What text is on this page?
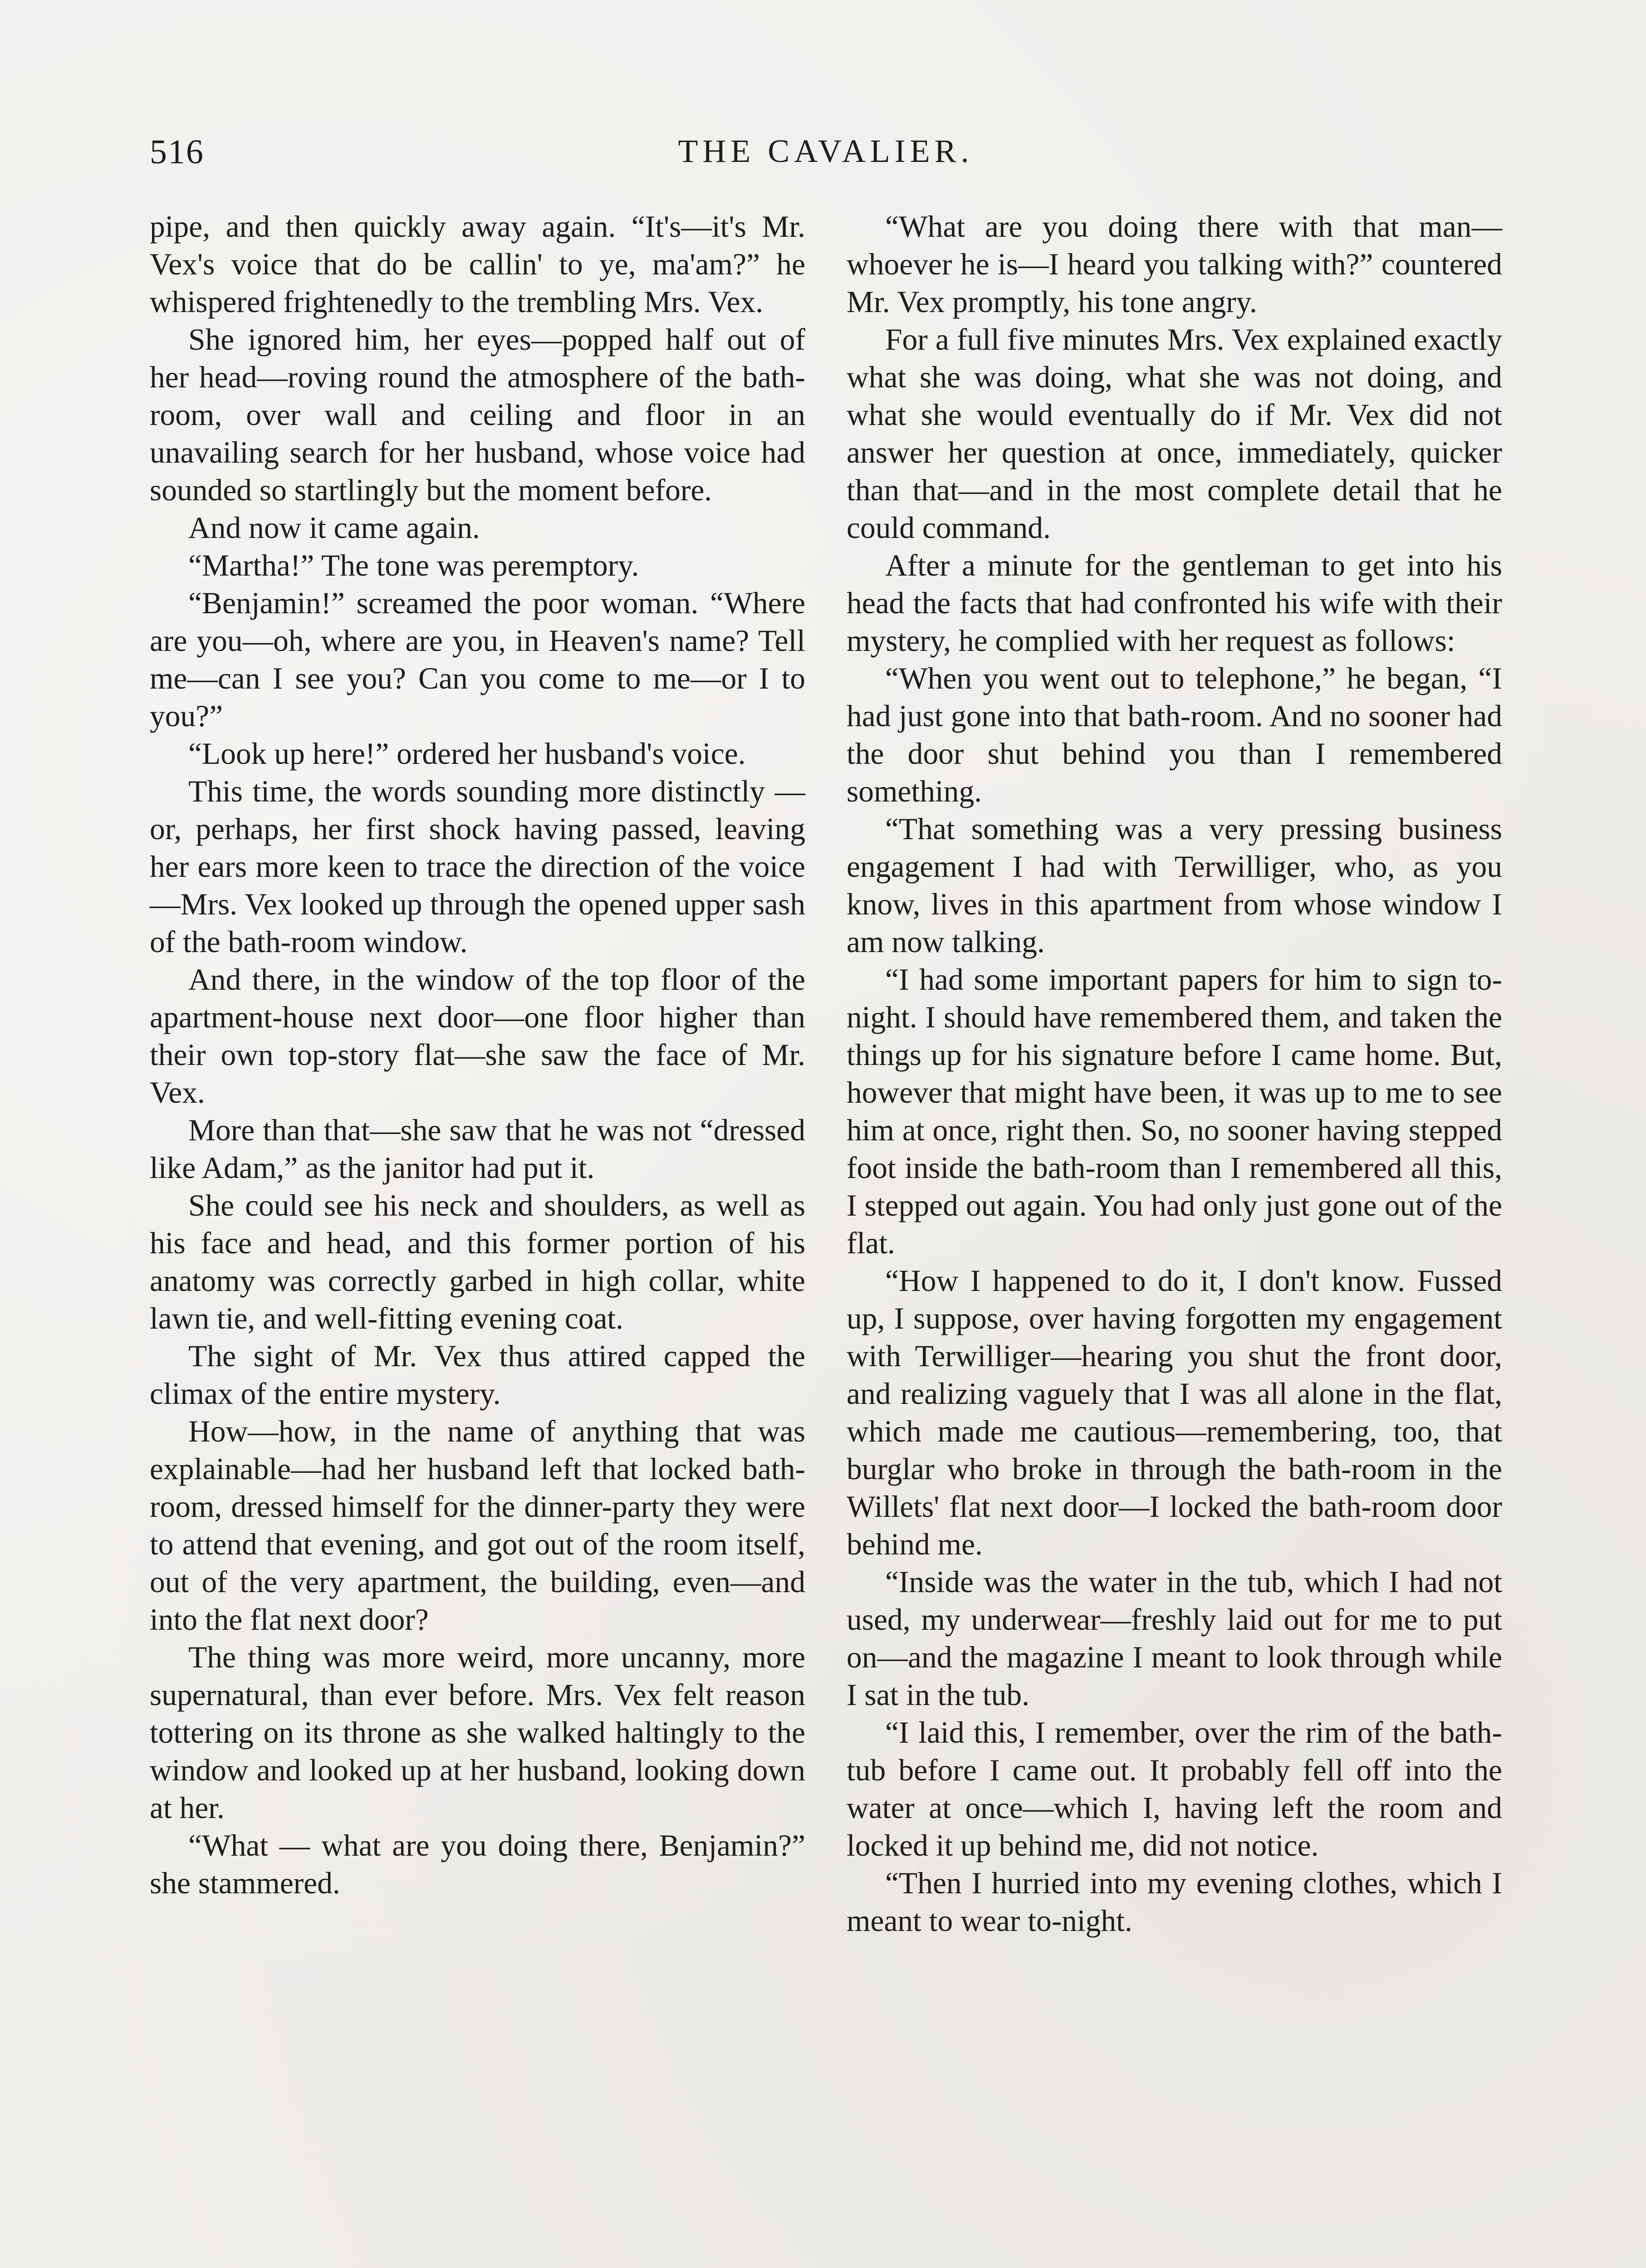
516	THE CAVALIER.

pipe, and then quickly away again. “It's—it's Mr. Vex's voice that do be callin' to ye, ma'am?” he whispered frightenedly to the trembling Mrs. Vex.

She ignored him, her eyes—popped half out of her head—roving round the atmosphere of the bath-room, over wall and ceiling and floor in an unavailing search for her husband, whose voice had sounded so startlingly but the moment before.

And now it came again.

“Martha!” The tone was peremptory.

“Benjamin!” screamed the poor woman. “Where are you—oh, where are you, in Heaven's name? Tell me—can I see you? Can you come to me—or I to you?”

“Look up here!” ordered her husband's voice.

This time, the words sounding more distinctly — or, perhaps, her first shock having passed, leaving her ears more keen to trace the direction of the voice—Mrs. Vex looked up through the opened upper sash of the bath-room window.

And there, in the window of the top floor of the apartment-house next door—one floor higher than their own top-story flat—she saw the face of Mr. Vex.

More than that—she saw that he was not “dressed like Adam,” as the janitor had put it.

She could see his neck and shoulders, as well as his face and head, and this former portion of his anatomy was correctly garbed in high collar, white lawn tie, and well-fitting evening coat.

The sight of Mr. Vex thus attired capped the climax of the entire mystery.

How—how, in the name of anything that was explainable—had her husband left that locked bath-room, dressed himself for the dinner-party they were to attend that evening, and got out of the room itself, out of the very apartment, the building, even—and into the flat next door?

The thing was more weird, more uncanny, more supernatural, than ever before. Mrs. Vex felt reason tottering on its throne as she walked haltingly to the window and looked up at her husband, looking down at her.

“What — what are you doing there, Benjamin?” she stammered.

“What are you doing there with that man—whoever he is—I heard you talking with?” countered Mr. Vex promptly, his tone angry.

For a full five minutes Mrs. Vex explained exactly what she was doing, what she was not doing, and what she would eventually do if Mr. Vex did not answer her question at once, immediately, quicker than that—and in the most complete detail that he could command.

After a minute for the gentleman to get into his head the facts that had confronted his wife with their mystery, he complied with her request as follows:

“When you went out to telephone,” he began, “I had just gone into that bath-room. And no sooner had the door shut behind you than I remembered something.

“That something was a very pressing business engagement I had with Terwilliger, who, as you know, lives in this apartment from whose window I am now talking.

“I had some important papers for him to sign to-night. I should have remembered them, and taken the things up for his signature before I came home. But, however that might have been, it was up to me to see him at once, right then. So, no sooner having stepped foot inside the bath-room than I remembered all this, I stepped out again. You had only just gone out of the flat.

“How I happened to do it, I don't know. Fussed up, I suppose, over having forgotten my engagement with Terwilliger—hearing you shut the front door, and realizing vaguely that I was all alone in the flat, which made me cautious—remembering, too, that burglar who broke in through the bath-room in the Willets' flat next door—I locked the bath-room door behind me.

“Inside was the water in the tub, which I had not used, my underwear—freshly laid out for me to put on—and the magazine I meant to look through while I sat in the tub.

“I laid this, I remember, over the rim of the bath-tub before I came out. It probably fell off into the water at once—which I, having left the room and locked it up behind me, did not notice.

“Then I hurried into my evening clothes, which I meant to wear to-night.
